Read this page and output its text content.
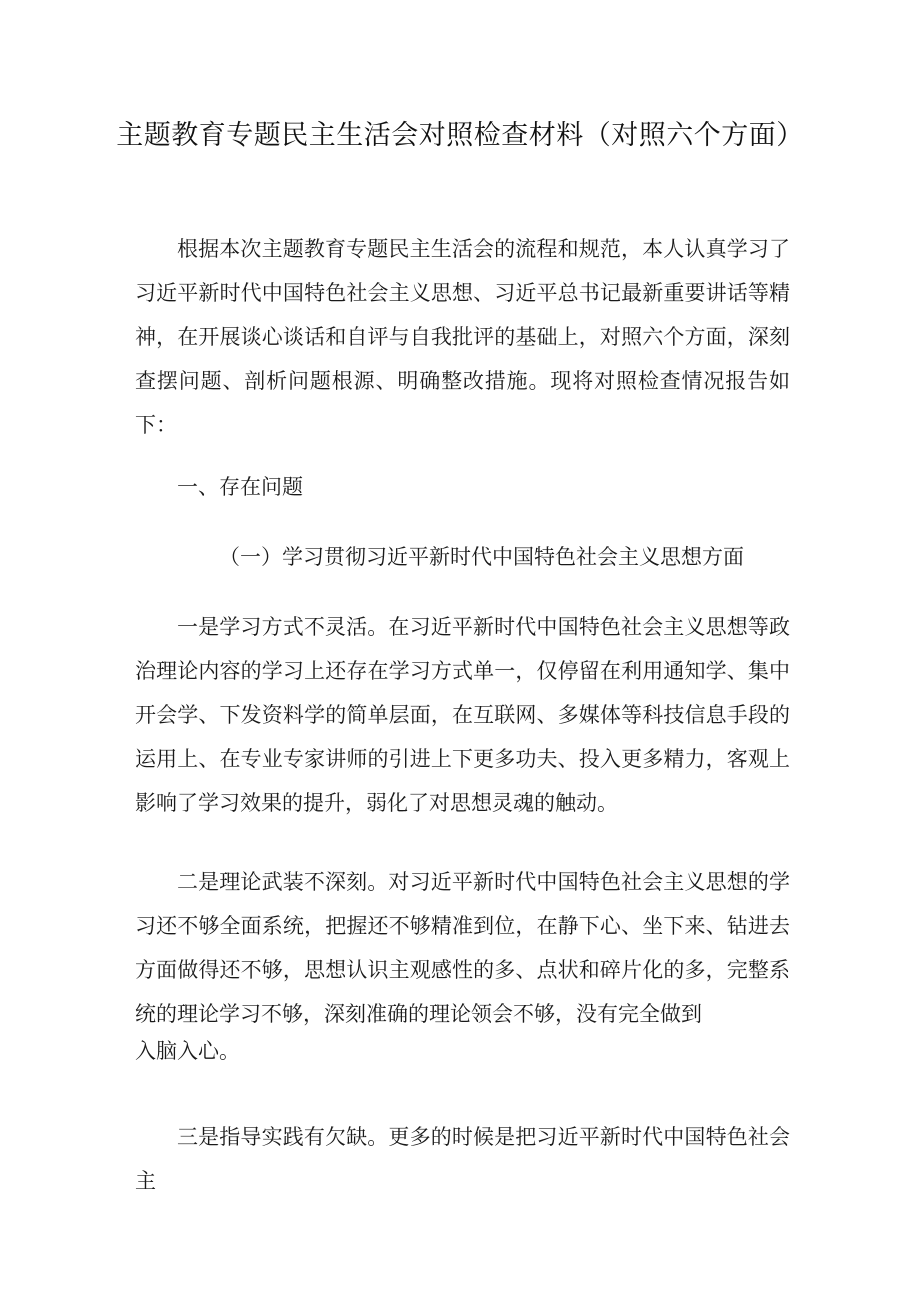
主题教育专题民主生活会对照检查材料（对照六个方面）

根据本次主题教育专题民主生活会的流程和规范，本人认真学习了习近平新时代中国特色社会主义思想、习近平总书记最新重要讲话等精神，在开展谈心谈话和自评与自我批评的基础上，对照六个方面，深刻查摆问题、剖析问题根源、明确整改措施。现将对照检查情况报告如下：

一、存在问题

（一）学习贯彻习近平新时代中国特色社会主义思想方面

一是学习方式不灵活。在习近平新时代中国特色社会主义思想等政治理论内容的学习上还存在学习方式单一，仅停留在利用通知学、集中开会学、下发资料学的简单层面，在互联网、多媒体等科技信息手段的运用上、在专业专家讲师的引进上下更多功夫、投入更多精力，客观上影响了学习效果的提升，弱化了对思想灵魂的触动。

二是理论武装不深刻。对习近平新时代中国特色社会主义思想的学习还不够全面系统，把握还不够精准到位，在静下心、坐下来、钻进去方面做得还不够，思想认识主观感性的多、点状和碎片化的多，完整系统的理论学习不够，深刻准确的理论领会不够，没有完全做到

入脑入心。

三是指导实践有欠缺。更多的时候是把习近平新时代中国特色社会主
